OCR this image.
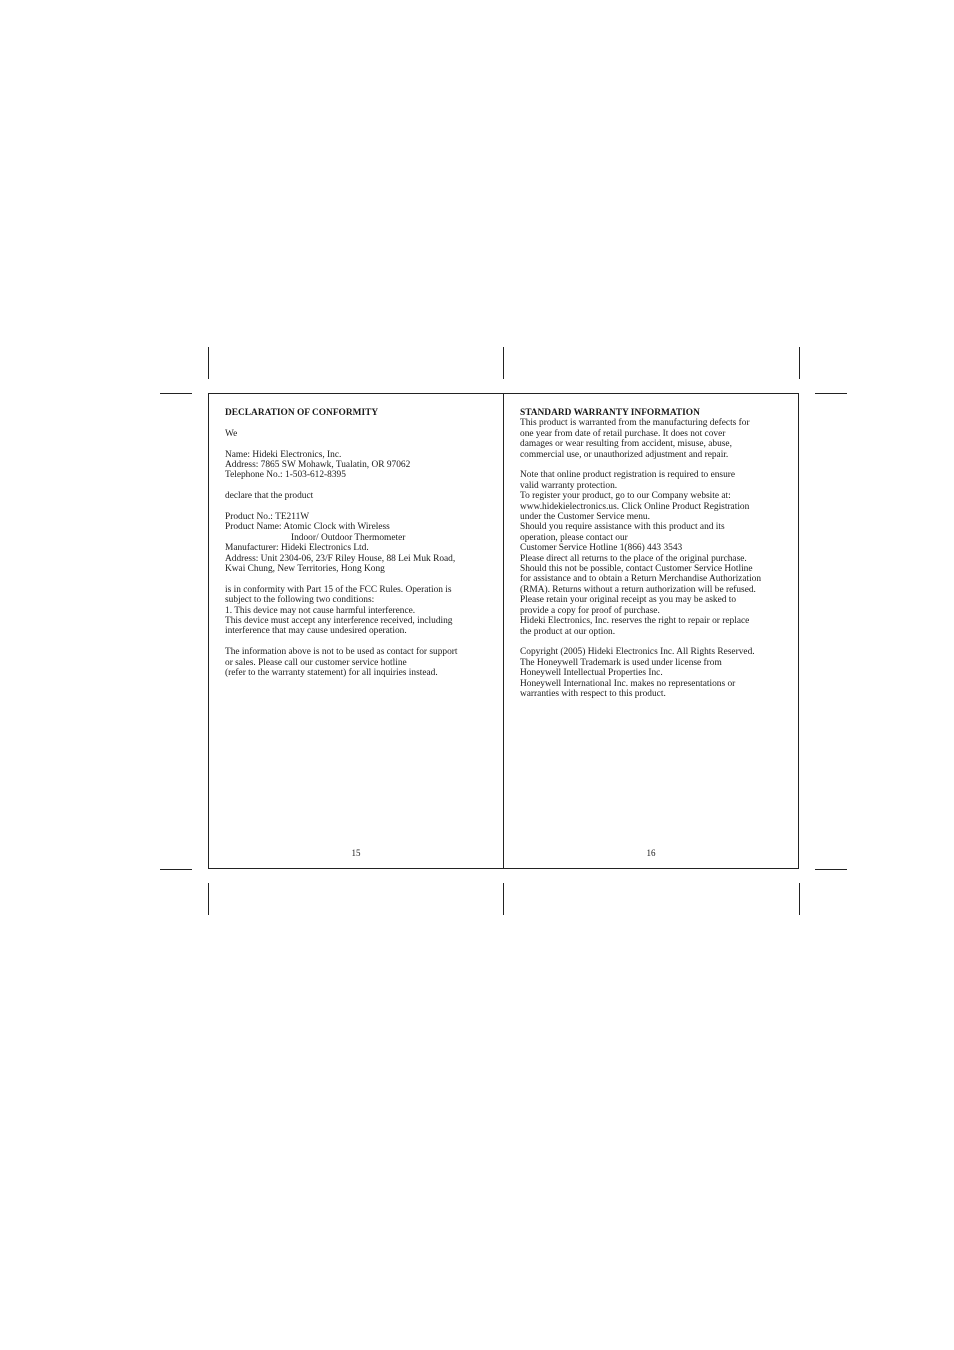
DECLARATION OF CONFORMITY
We
Name: Hideki Electronics, Inc.
Address: 7865 SW Mohawk, Tualatin, OR 97062
Telephone No.: 1-503-612-8395
declare that the product
Product No.: TE211W
Product Name: Atomic Clock with Wireless
Indoor/ Outdoor Thermometer
Manufacturer: Hideki Electronics Ltd.
Address: Unit 2304-06, 23/F Riley House, 88 Lei Muk Road,
Kwai Chung, New Territories, Hong Kong
is in conformity with Part 15 of the FCC Rules. Operation is
subject to the following two conditions:
1. This device may not cause harmful interference.
This device must accept any interference received, including
interference that may cause undesired operation.
The information above is not to be used as contact for support
or sales. Please call our customer service hotline
(refer to the warranty statement) for all inquiries instead.
15
STANDARD WARRANTY INFORMATION
This product is warranted from the manufacturing defects for
one year from date of retail purchase. It does not cover
damages or wear resulting from accident, misuse, abuse,
commercial use, or unauthorized adjustment and repair.
Note that online product registration is required to ensure
valid warranty protection.
To register your product, go to our Company website at:
www.hidekielectronics.us. Click Online Product Registration
under the Customer Service menu.
Should you require assistance with this product and its
operation, please contact our
Customer Service Hotline 1(866) 443 3543
Please direct all returns to the place of the original purchase.
Should this not be possible, contact Customer Service Hotline
for assistance and to obtain a Return Merchandise Authorization
(RMA). Returns without a return authorization will be refused.
Please retain your original receipt as you may be asked to
provide a copy for proof of purchase.
Hideki Electronics, Inc. reserves the right to repair or replace
the product at our option.
Copyright (2005) Hideki Electronics Inc. All Rights Reserved.
The Honeywell Trademark is used under license from
Honeywell Intellectual Properties Inc.
Honeywell International Inc. makes no representations or
warranties with respect to this product.
16
